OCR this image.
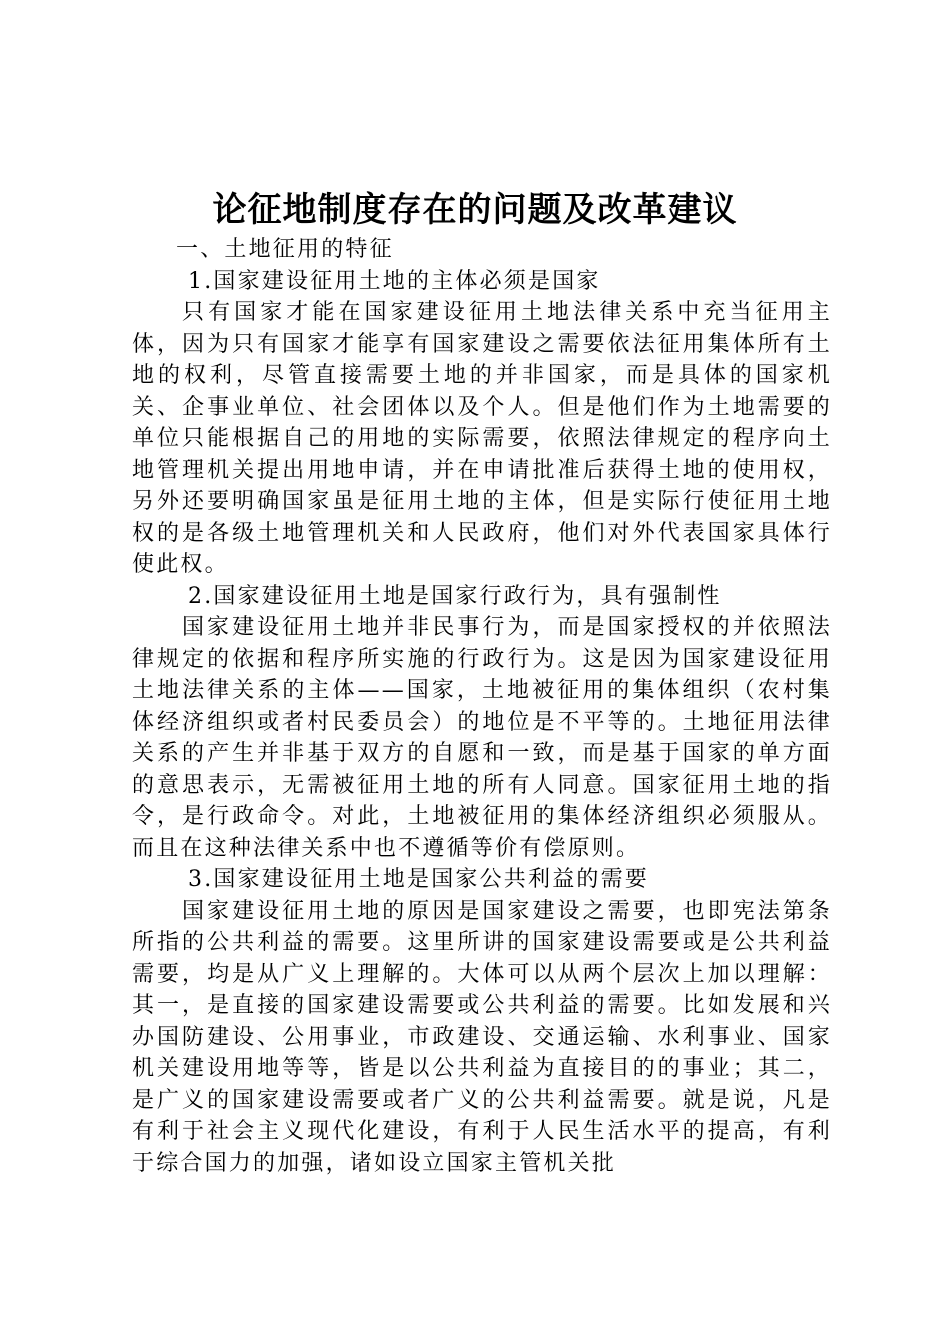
论征地制度存在的问题及改革建议

一、土地征用的特征

1.国家建设征用土地的主体必须是国家

只有国家才能在国家建设征用土地法律关系中充当征用主体，因为只有国家才能享有国家建设之需要依法征用集体所有土地的权利，尽管直接需要土地的并非国家，而是具体的国家机关、企事业单位、社会团体以及个人。但是他们作为土地需要的单位只能根据自己的用地的实际需要，依照法律规定的程序向土地管理机关提出用地申请，并在申请批准后获得土地的使用权，另外还要明确国家虽是征用土地的主体，但是实际行使征用土地权的是各级土地管理机关和人民政府，他们对外代表国家具体行使此权。

2.国家建设征用土地是国家行政行为，具有强制性

国家建设征用土地并非民事行为，而是国家授权的并依照法律规定的依据和程序所实施的行政行为。这是因为国家建设征用土地法律关系的主体——国家，土地被征用的集体组织（农村集体经济组织或者村民委员会）的地位是不平等的。土地征用法律关系的产生并非基于双方的自愿和一致，而是基于国家的单方面的意思表示，无需被征用土地的所有人同意。国家征用土地的指令，是行政命令。对此，土地被征用的集体经济组织必须服从。而且在这种法律关系中也不遵循等价有偿原则。

3.国家建设征用土地是国家公共利益的需要

国家建设征用土地的原因是国家建设之需要，也即宪法第条所指的公共利益的需要。这里所讲的国家建设需要或是公共利益需要，均是从广义上理解的。大体可以从两个层次上加以理解：其一，是直接的国家建设需要或公共利益的需要。比如发展和兴办国防建设、公用事业，市政建设、交通运输、水利事业、国家机关建设用地等等，皆是以公共利益为直接目的的事业；其二，是广义的国家建设需要或者广义的公共利益需要。就是说，凡是有利于社会主义现代化建设，有利于人民生活水平的提高，有利于综合国力的加强，诸如设立国家主管机关批
